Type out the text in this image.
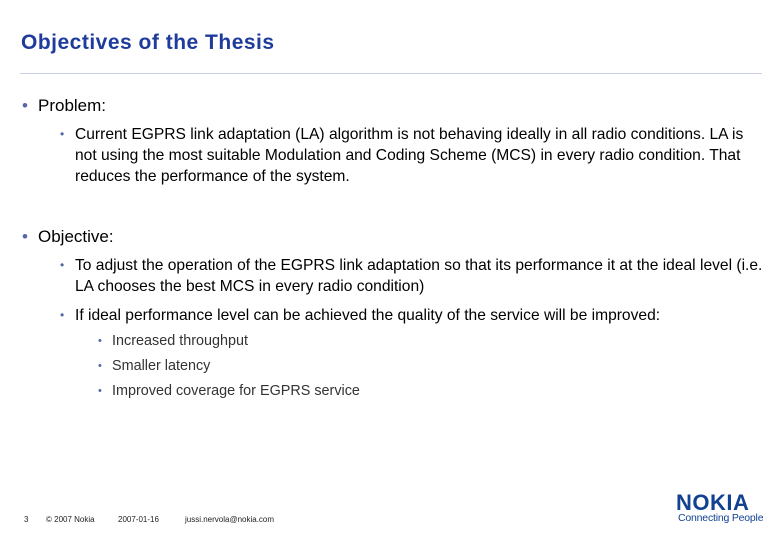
Objectives of the Thesis
• Problem:
• Current EGPRS link adaptation (LA) algorithm is not behaving ideally in all radio conditions. LA is not using the most suitable Modulation and Coding Scheme (MCS) in every radio condition. That reduces the performance of the system.
• Objective:
• To adjust the operation of the EGPRS link adaptation so that its performance it at the ideal level (i.e. LA chooses the best MCS in every radio condition)
• If ideal performance level can be achieved the quality of the service will be improved:
• Increased throughput
• Smaller latency
• Improved coverage for EGPRS service
3 © 2007 Nokia	2007-01-16	jussi.nervola@nokia.com
NOKIA
Connecting People
